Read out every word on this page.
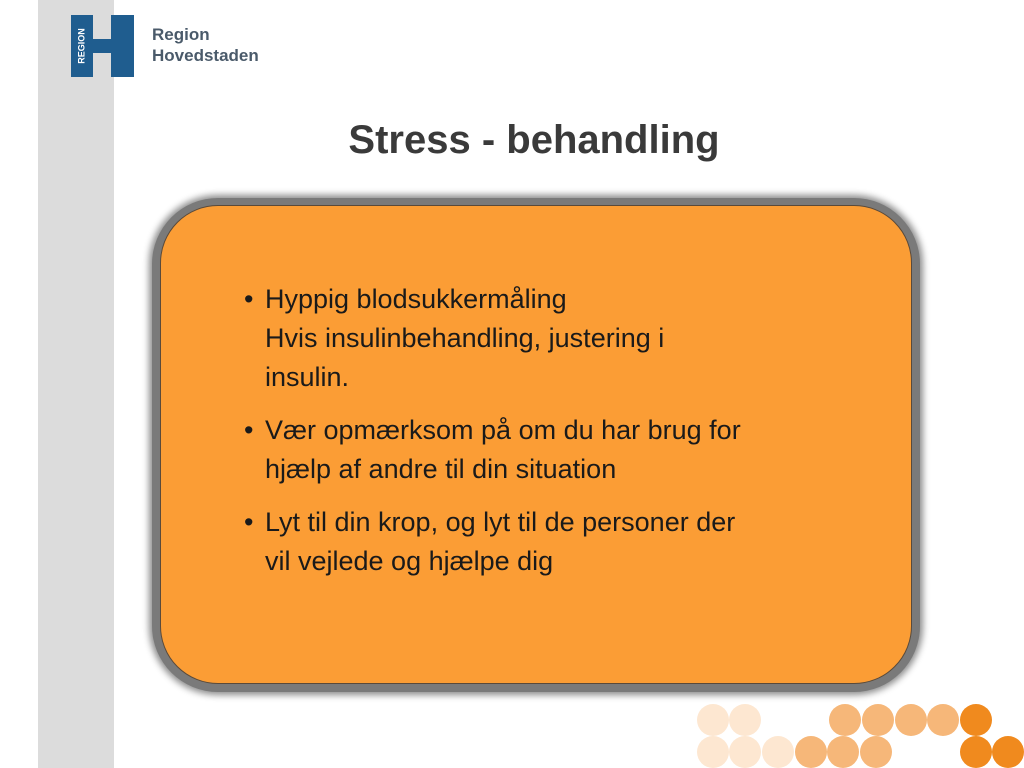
REGION	Region
Hovedstaden
Stress - behandling
• Hyppig blodsukkermåling
Hvis insulinbehandling, justering i
insulin.
• Vær opmærksom på om du har brug for
hjælp af andre til din situation
• Lyt til din krop, og lyt til de personer der
vil vejlede og hjælpe dig
